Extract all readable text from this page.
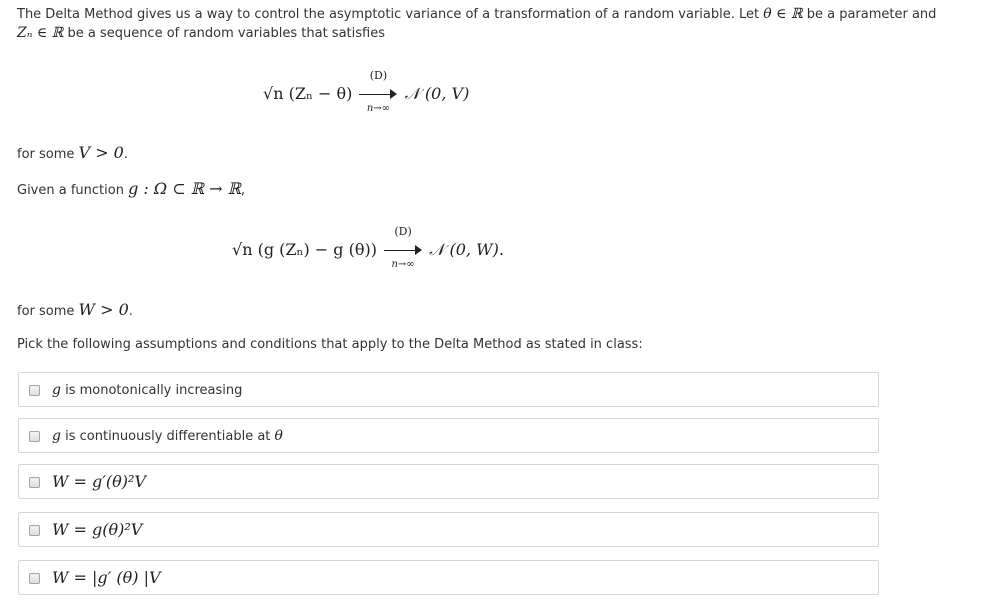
The Delta Method gives us a way to control the asymptotic variance of a transformation of a random variable. Let θ ∈ ℝ be a parameter and
Zₙ ∈ ℝ be a sequence of random variables that satisfies
√n $(Z_n - \theta) \frac{(D)}{n\to\infty}$ 𝒩 (0, V)
for some V > 0.
Given a function g : Ω ⊂ ℝ → ℝ,
√n (g (Zₙ) − g $(\theta)) \frac{(D)}{n\to\infty}$ 𝒩 (0, W).
for some W > 0.
Pick the following assumptions and conditions that apply to the Delta Method as stated in class:
g is monotonically increasing
g is continuously differentiable at θ
W = g′(θ)²V
W = g(θ)²V
W = |g′ (θ) |V
